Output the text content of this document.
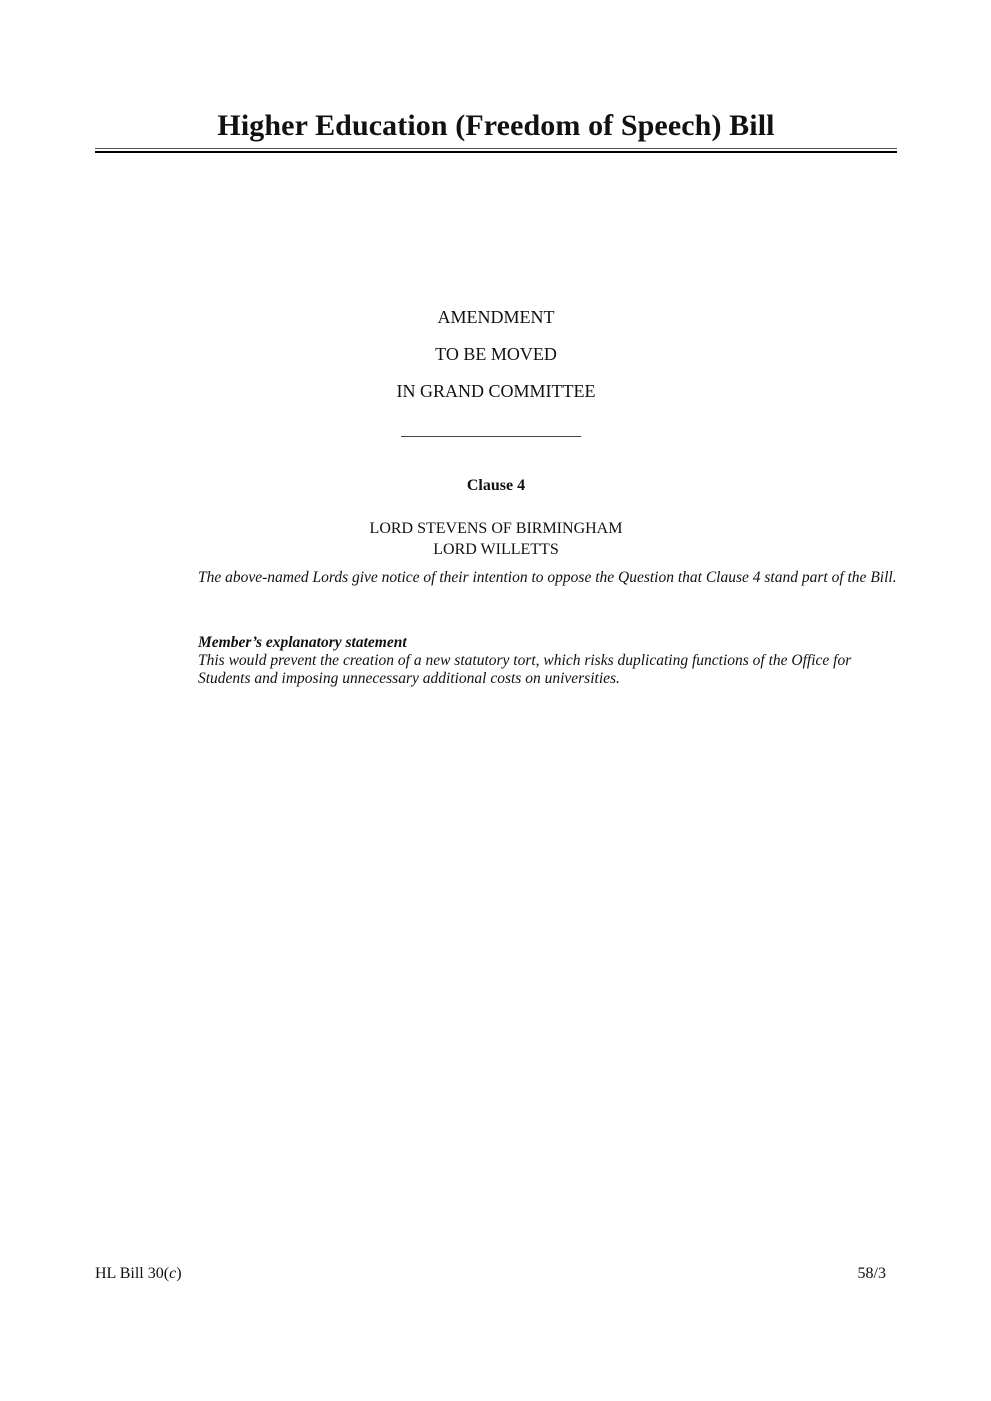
Higher Education (Freedom of Speech) Bill
AMENDMENT
TO BE MOVED
IN GRAND COMMITTEE
Clause 4
LORD STEVENS OF BIRMINGHAM
LORD WILLETTS
The above-named Lords give notice of their intention to oppose the Question that Clause 4 stand part of the Bill.
Member’s explanatory statement
This would prevent the creation of a new statutory tort, which risks duplicating functions of the Office for Students and imposing unnecessary additional costs on universities.
HL Bill 30(c)	58/3
